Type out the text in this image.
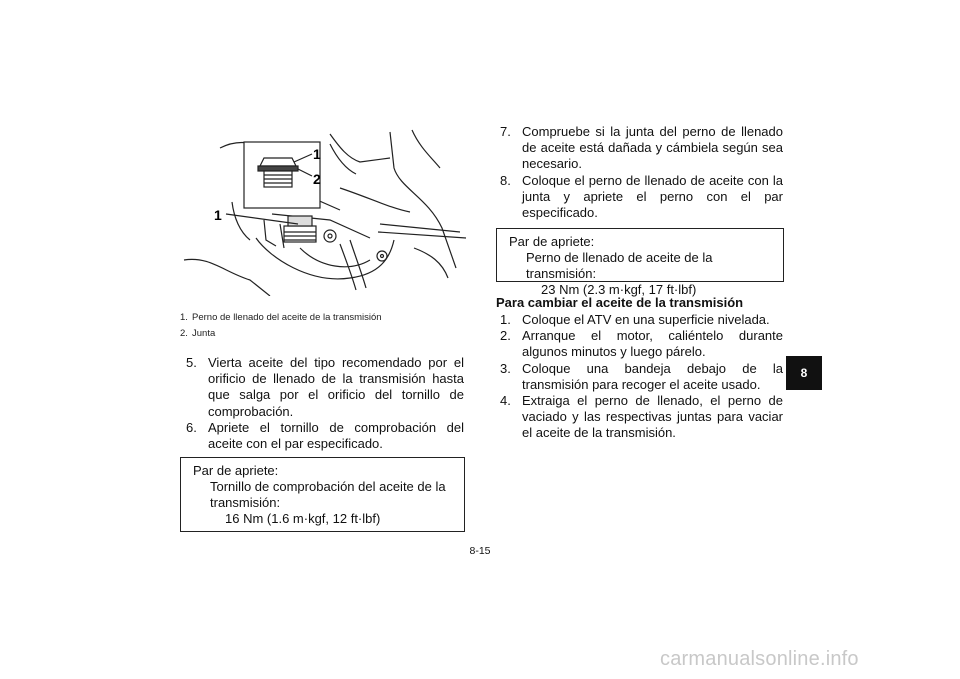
1
2
1
1. Perno de llenado del aceite de la transmisión
2. Junta
5. Vierta aceite del tipo recomendado por el orificio de llenado de la transmisión hasta que salga por el orificio del tornillo de comprobación.
6. Apriete el tornillo de comprobación del aceite con el par especificado.
Par de apriete:
Tornillo de comprobación del aceite de la
transmisión:
16 Nm (1.6 m·kgf, 12 ft·lbf)
7. Compruebe si la junta del perno de llenado de aceite está dañada y cámbiela según sea necesario.
8. Coloque el perno de llenado de aceite con la junta y apriete el perno con el par especificado.
Par de apriete:
Perno de llenado de aceite de la transmisión:
23 Nm (2.3 m·kgf, 17 ft·lbf)
Para cambiar el aceite de la transmisión
1. Coloque el ATV en una superficie nivelada.
2. Arranque el motor, caliéntelo durante algunos minutos y luego párelo.
3. Coloque una bandeja debajo de la transmisión para recoger el aceite usado.
4. Extraiga el perno de llenado, el perno de vaciado y las respectivas juntas para vaciar el aceite de la transmisión.
8
8-15
carmanualsonline.info
